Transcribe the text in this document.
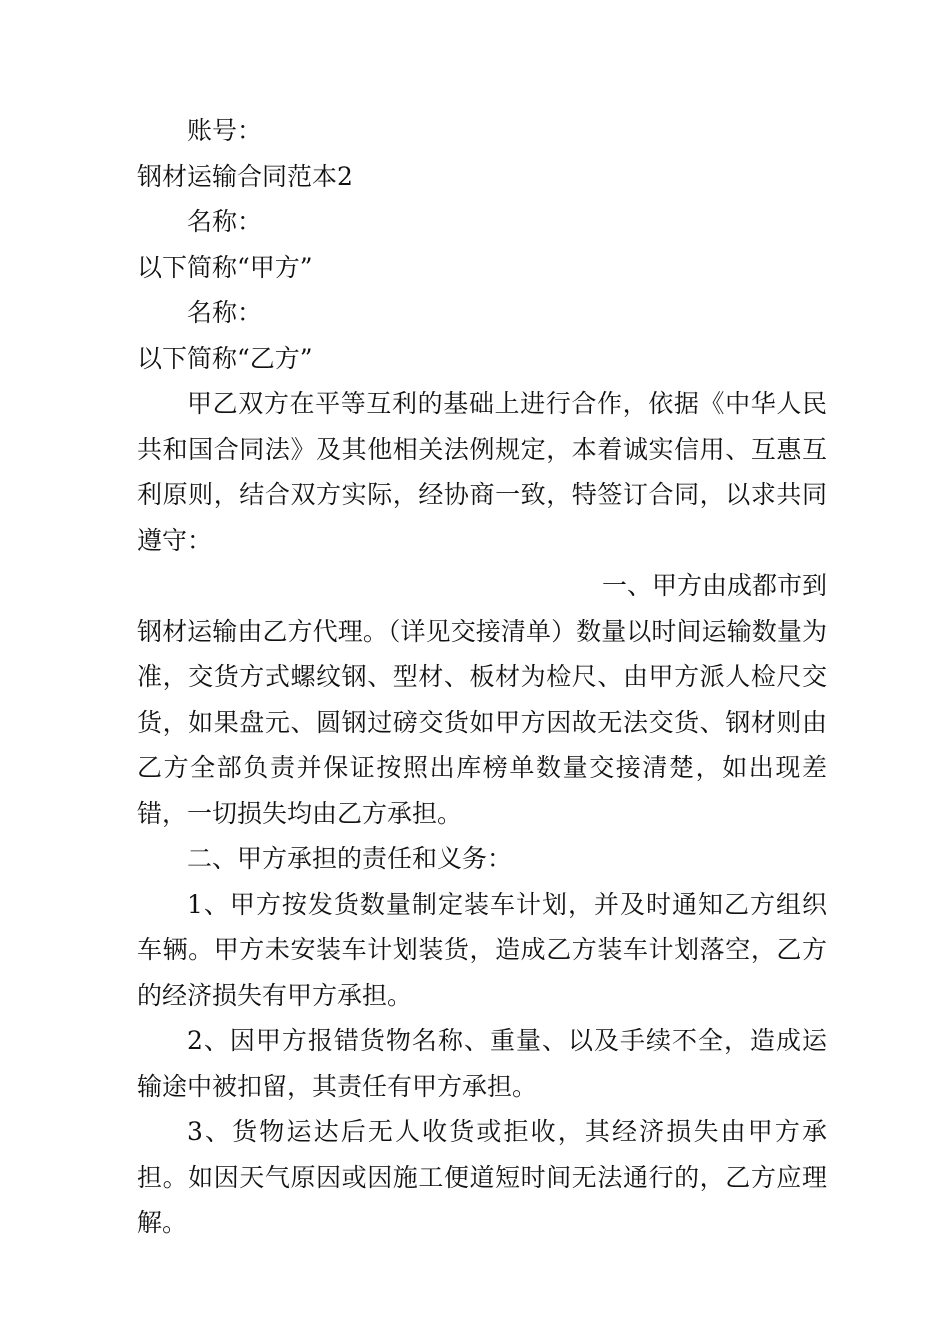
账号：

钢材运输合同范本2

名称：

以下简称“甲方”

名称：

以下简称“乙方”

甲乙双方在平等互利的基础上进行合作，依据《中华人民共和国合同法》及其他相关法例规定，本着诚实信用、互惠互利原则，结合双方实际，经协商一致，特签订合同，以求共同遵守：

一、甲方由成都市到

钢材运输由乙方代理。（详见交接清单）数量以时间运输数量为准，交货方式螺纹钢、型材、板材为检尺、由甲方派人检尺交货，如果盘元、圆钢过磅交货如甲方因故无法交货、钢材则由乙方全部负责并保证按照出库榜单数量交接清楚，如出现差错，一切损失均由乙方承担。

二、甲方承担的责任和义务：

1、甲方按发货数量制定装车计划，并及时通知乙方组织车辆。甲方未安装车计划装货，造成乙方装车计划落空，乙方的经济损失有甲方承担。

2、因甲方报错货物名称、重量、以及手续不全，造成运输途中被扣留，其责任有甲方承担。

3、货物运达后无人收货或拒收，其经济损失由甲方承担。如因天气原因或因施工便道短时间无法通行的，乙方应理解。
